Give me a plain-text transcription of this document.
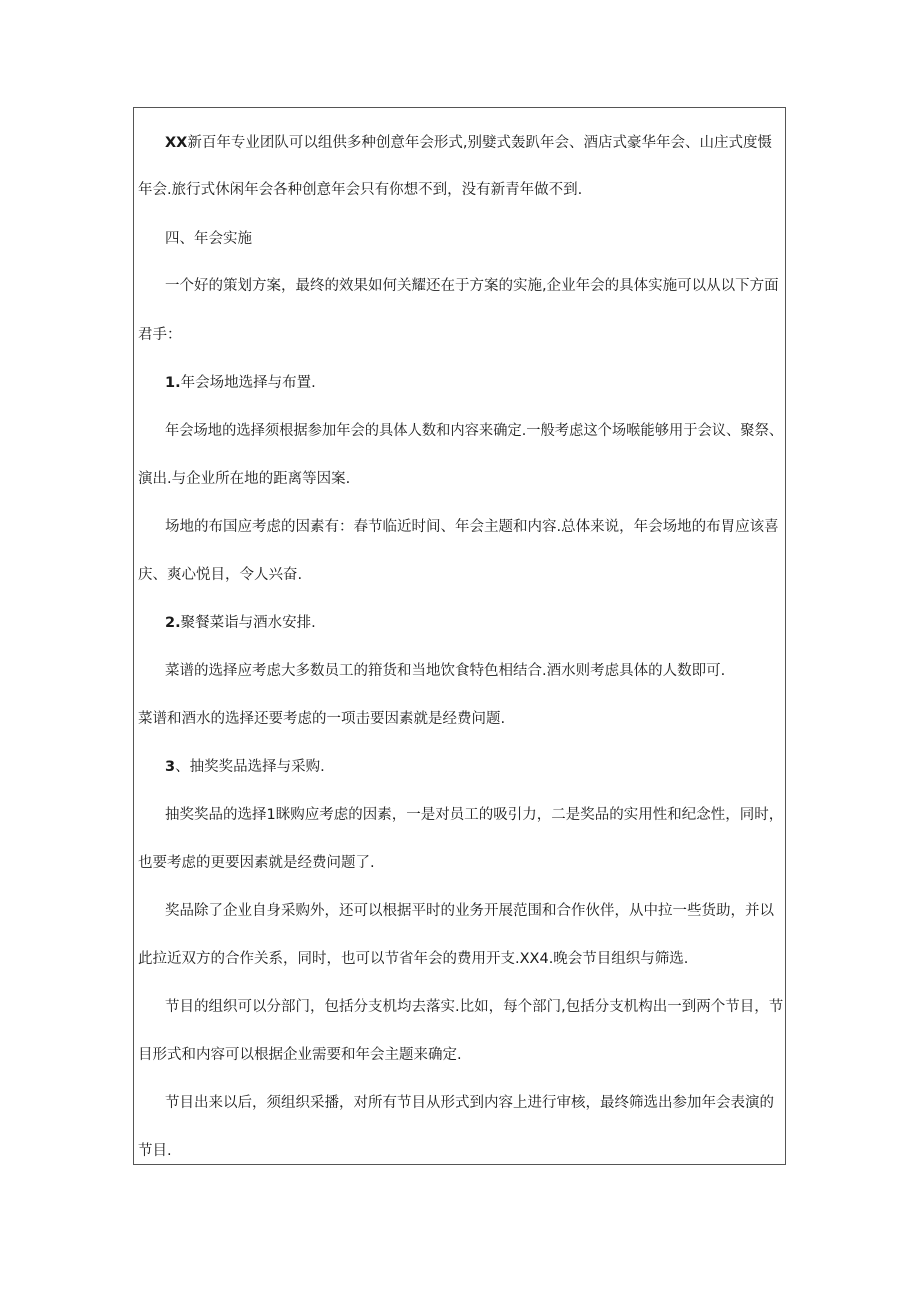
XX新百年专业团队可以组供多种创意年会形式,别嬖式轰趴年会、酒店式豪华年会、山庄式度慑
年会.旅行式休闲年会各种创意年会只有你想不到，没有新青年做不到.
四、年会实施
一个好的策划方案，最终的效果如何关耀还在于方案的实施,企业年会的具体实施可以从以下方面
君手：
1.年会场地选择与布置.
年会场地的选择须根据参加年会的具体人数和内容来确定.一般考虑这个场喉能够用于会议、聚祭、
演出.与企业所在地的距离等因案.
场地的布国应考虑的因素有：春节临近时间、年会主题和内容.总体来说，年会场地的布胃应该喜
庆、爽心悦目，令人兴奋.
2.聚餐菜诣与酒水安排.
菜谱的选择应考虑大多数员工的箝货和当地饮食特色相结合.酒水则考虑具体的人数即可.
菜谱和酒水的选择还要考虑的一项击要因素就是经费问题.
3、抽奖奖品选择与采购.
抽奖奖品的选择1眯购应考虑的因素，一是对员工的吸引力，二是奖品的实用性和纪念性，同时，
也要考虑的更要因素就是经费问题了.
奖品除了企业自身采购外，还可以根据平时的业务开展范围和合作伙伴，从中拉一些货助，并以
此拉近双方的合作关系，同时，也可以节省年会的费用开支.XX4.晚会节目组织与筛选.
节目的组织可以分部门，包括分支机均去落实.比如，每个部门,包括分支机构出一到两个节目，节
目形式和内容可以根据企业需要和年会主题来确定.
节目出来以后，须组织采播，对所有节目从形式到内容上进行审核，最终筛选出参加年会表演的
节目.
